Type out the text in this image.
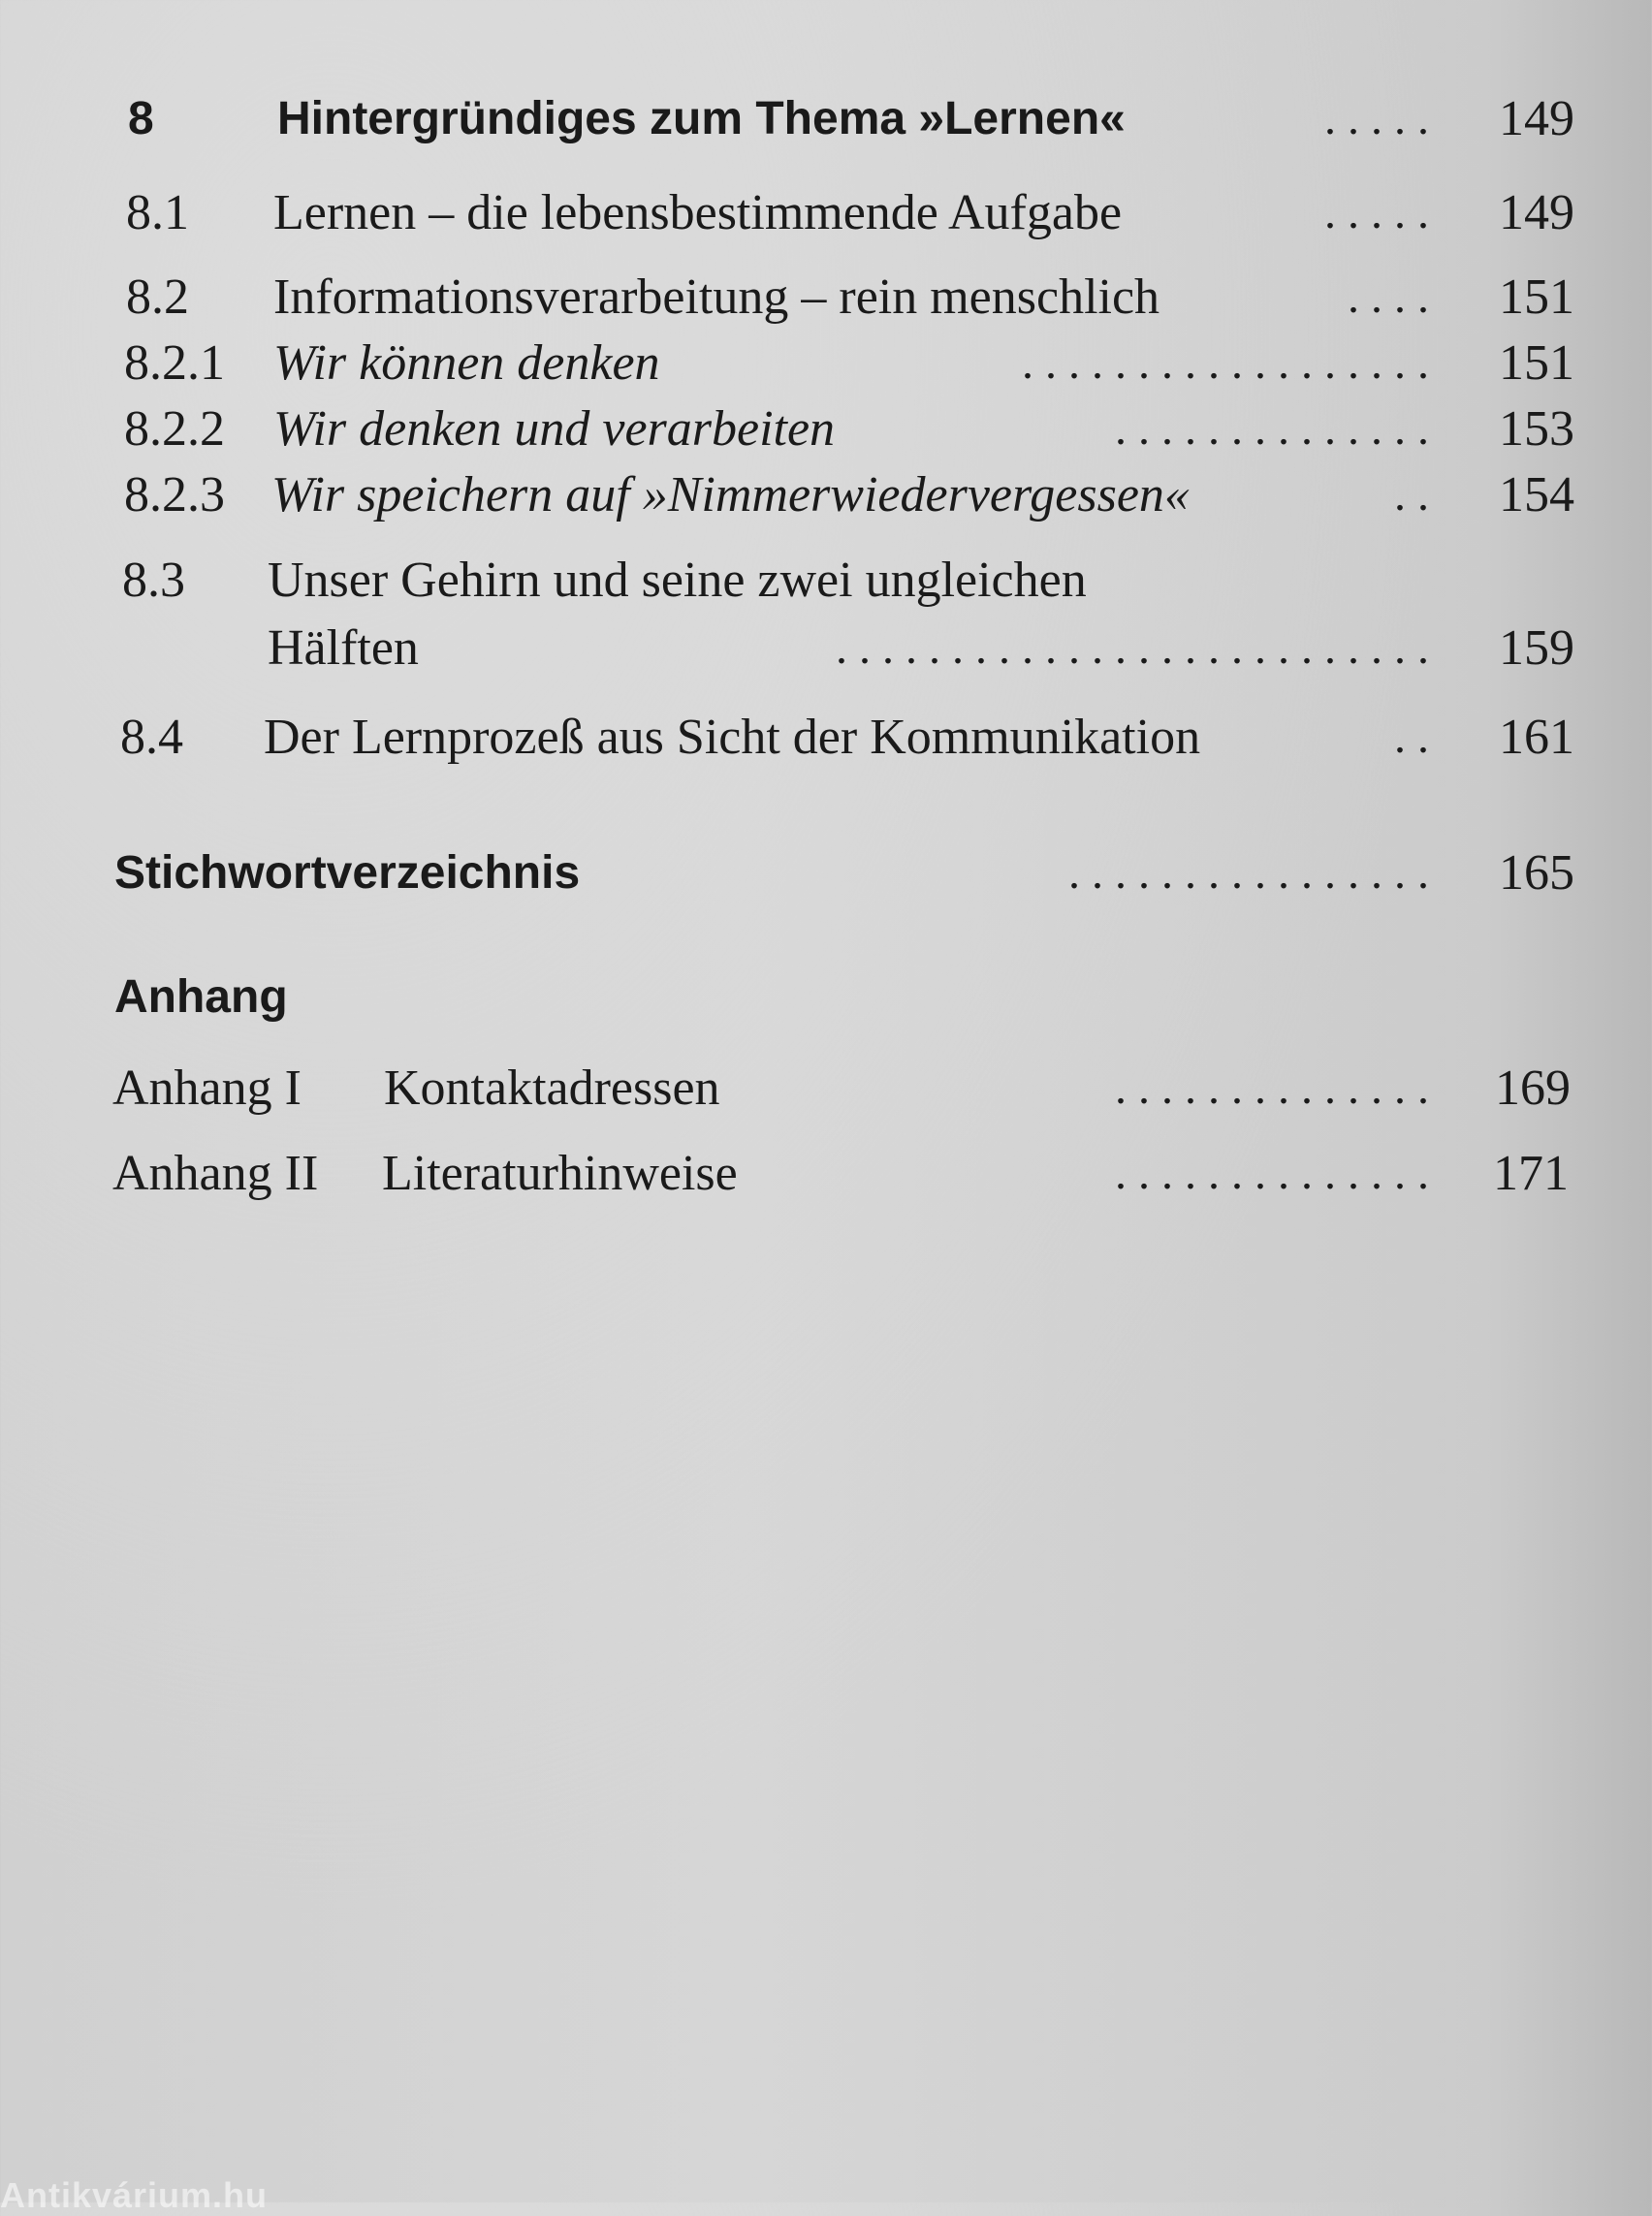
8	Hintergründiges zum Thema »Lernen«	.....	149
8.1 Lernen – die lebensbestimmende Aufgabe	.....	149
8.2 Informationsverarbeitung – rein menschlich	....	151
8.2.1 Wir können denken	..................	151
8.2.2 Wir denken und verarbeiten	..............	153
8.2.3 Wir speichern auf »Nimmerwiedervergessen«	..	154
8.3 Unser Gehirn und seine zwei ungleichen
Hälften	..........................	159
8.4 Der Lernprozeß aus Sicht der Kommunikation	..	161
Stichwortverzeichnis	................	165
Anhang
Anhang I Kontaktadressen	..............	169
Anhang II Literaturhinweise	..............	171
Antikvárium.hu
